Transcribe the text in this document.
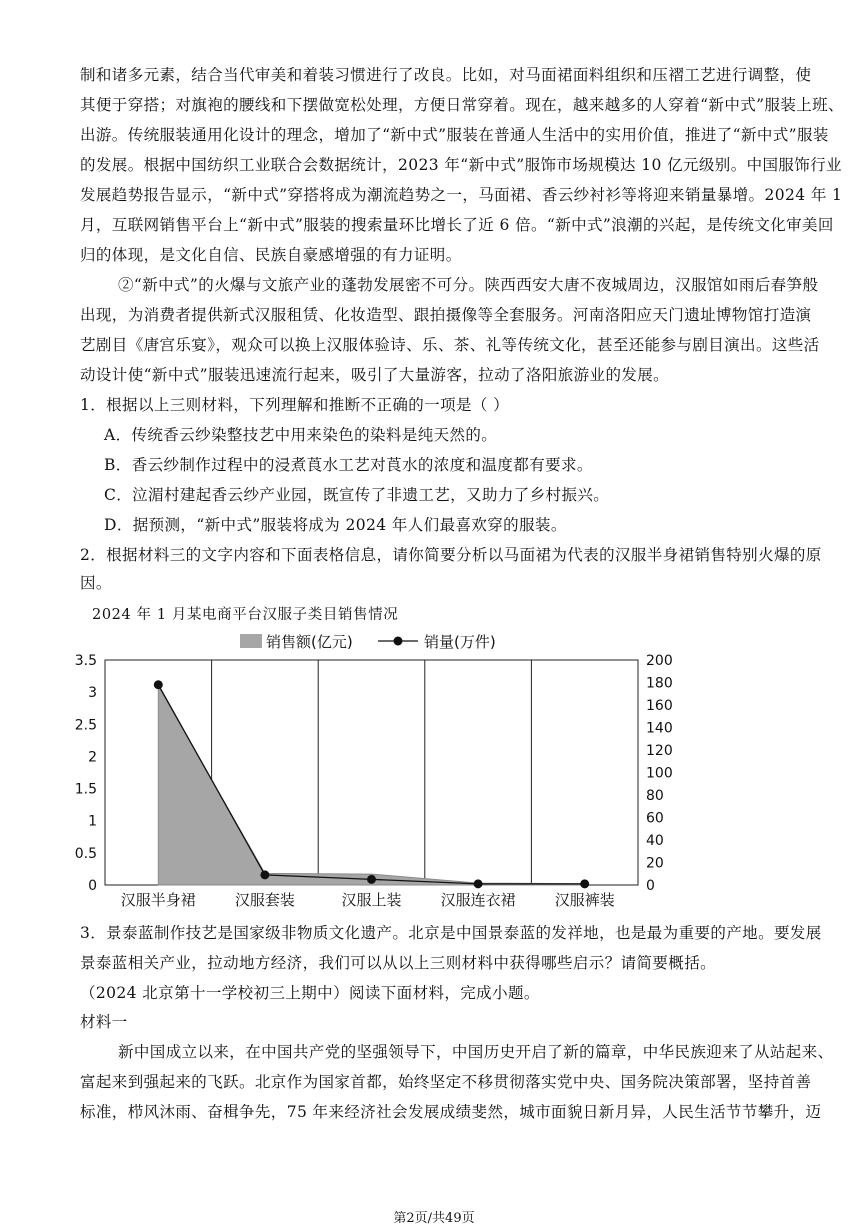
制和诸多元素，结合当代审美和着装习惯进行了改良。比如，对马面裙面料组织和压褶工艺进行调整，使
其便于穿搭；对旗袍的腰线和下摆做宽松处理，方便日常穿着。现在，越来越多的人穿着“新中式”服装上班、
出游。传统服装通用化设计的理念，增加了“新中式”服装在普通人生活中的实用价值，推进了“新中式”服装
的发展。根据中国纺织工业联合会数据统计，2023 年“新中式”服饰市场规模达 10 亿元级别。中国服饰行业
发展趋势报告显示，“新中式”穿搭将成为潮流趋势之一，马面裙、香云纱衬衫等将迎来销量暴增。2024 年 1
月，互联网销售平台上“新中式”服装的搜索量环比增长了近 6 倍。“新中式”浪潮的兴起，是传统文化审美回
归的体现，是文化自信、民族自豪感增强的有力证明。
②“新中式”的火爆与文旅产业的蓬勃发展密不可分。陕西西安大唐不夜城周边，汉服馆如雨后春笋般
出现，为消费者提供新式汉服租赁、化妆造型、跟拍摄像等全套服务。河南洛阳应天门遗址博物馆打造演
艺剧目《唐宫乐宴》，观众可以换上汉服体验诗、乐、茶、礼等传统文化，甚至还能参与剧目演出。这些活
动设计使“新中式”服装迅速流行起来，吸引了大量游客，拉动了洛阳旅游业的发展。
1．根据以上三则材料，下列理解和推断不正确的一项是（ ）
A．传统香云纱染整技艺中用来染色的染料是纯天然的。
B．香云纱制作过程中的浸煮莨水工艺对莨水的浓度和温度都有要求。
C．泣湄村建起香云纱产业园，既宣传了非遗工艺，又助力了乡村振兴。
D．据预测，“新中式”服装将成为 2024 年人们最喜欢穿的服装。
2．根据材料三的文字内容和下面表格信息，请你简要分析以马面裙为代表的汉服半身裙销售特别火爆的原
因。
2024 年 1 月某电商平台汉服子类目销售情况
0
0.5
1
1.5
2
2.5
3
3.5
0
20
40
60
80
100
120
140
160
180
200
汉服半身裙	汉服套装	汉服上装	汉服连衣裙	汉服裤装
销售额(亿元)	销量(万件)
3．景泰蓝制作技艺是国家级非物质文化遗产。北京是中国景泰蓝的发祥地，也是最为重要的产地。要发展
景泰蓝相关产业，拉动地方经济，我们可以从以上三则材料中获得哪些启示？请简要概括。
（2024 北京第十一学校初三上期中）阅读下面材料，完成小题。
材料一
新中国成立以来，在中国共产党的坚强领导下，中国历史开启了新的篇章，中华民族迎来了从站起来、
富起来到强起来的飞跃。北京作为国家首都，始终坚定不移贯彻落实党中央、国务院决策部署，坚持首善
标准，栉风沐雨、奋楫争先，75 年来经济社会发展成绩斐然，城市面貌日新月异，人民生活节节攀升，迈
第2页/共49页
